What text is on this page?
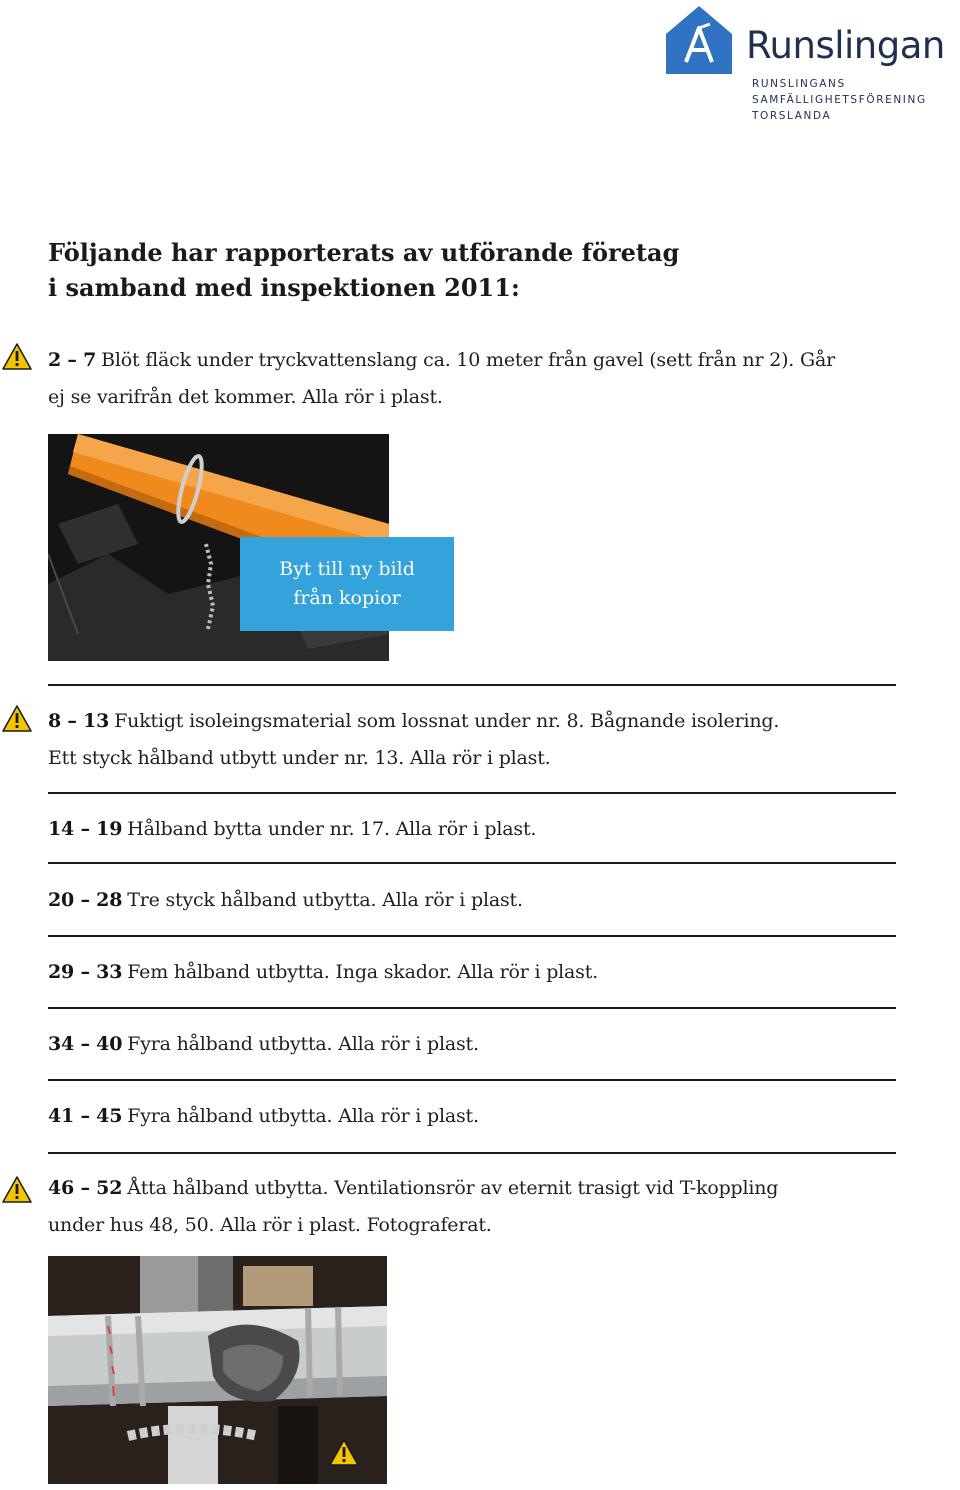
Runslingan
RUNSLINGANS
SAMFÄLLIGHETSFÖRENING
TORSLANDA
Följande har rapporterats av utförande företag
i samband med inspektionen 2011:
2 – 7 Blöt fläck under tryckvattenslang ca. 10 meter från gavel (sett från nr 2). Går
ej se varifrån det kommer. Alla rör i plast.
Byt till ny bild
från kopior
8 – 13 Fuktigt isoleingsmaterial som lossnat under nr. 8. Bågnande isolering.
Ett styck hålband utbytt under nr. 13. Alla rör i plast.
14 – 19 Hålband bytta under nr. 17. Alla rör i plast.
20 – 28 Tre styck hålband utbytta. Alla rör i plast.
29 – 33 Fem hålband utbytta. Inga skador. Alla rör i plast.
34 – 40 Fyra hålband utbytta. Alla rör i plast.
41 – 45 Fyra hålband utbytta. Alla rör i plast.
46 – 52 Åtta hålband utbytta. Ventilationsrör av eternit trasigt vid T-koppling
under hus 48, 50. Alla rör i plast. Fotograferat.
